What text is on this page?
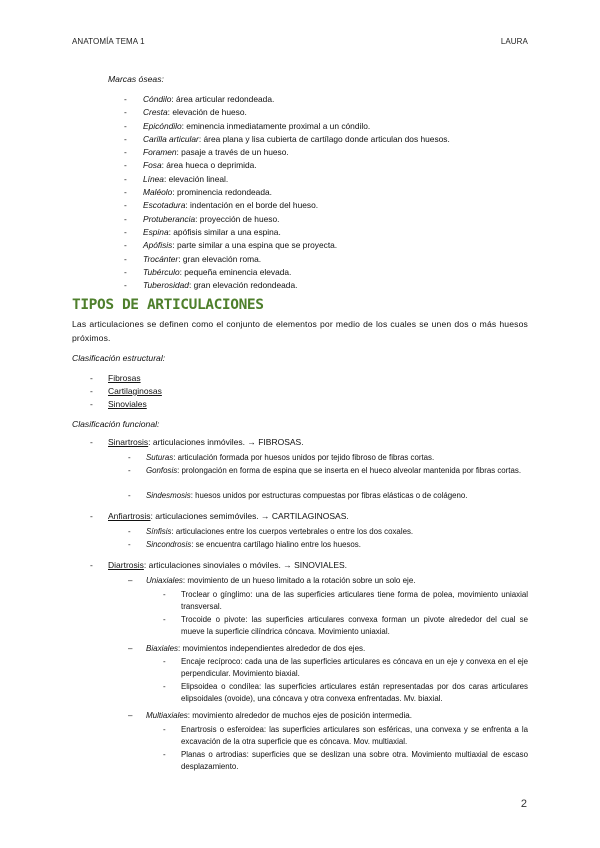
ANATOMÍA TEMA 1	LAURA
Marcas óseas:
- Cóndilo: área articular redondeada.
- Cresta: elevación de hueso.
- Epicóndilo: eminencia inmediatamente proximal a un cóndilo.
- Carilla articular: área plana y lisa cubierta de cartílago donde articulan dos huesos.
- Foramen: pasaje a través de un hueso.
- Fosa: área hueca o deprimida.
- Línea: elevación lineal.
- Maléolo: prominencia redondeada.
- Escotadura: indentación en el borde del hueso.
- Protuberancia: proyección de hueso.
- Espina: apófisis similar a una espina.
- Apófisis: parte similar a una espina que se proyecta.
- Trocánter: gran elevación roma.
- Tubérculo: pequeña eminencia elevada.
- Tuberosidad: gran elevación redondeada.
TIPOS DE ARTICULACIONES
Las articulaciones se definen como el conjunto de elementos por medio de los cuales se unen dos o más huesos próximos.
Clasificación estructural:
- Fibrosas
- Cartilaginosas
- Sinoviales
Clasificación funcional:
- Sinartrosis: articulaciones inmóviles. → FIBROSAS.
- Suturas: articulación formada por huesos unidos por tejido fibroso de fibras cortas.
- Gonfosis: prolongación en forma de espina que se inserta en el hueco alveolar mantenida por fibras cortas.
- Sindesmosis: huesos unidos por estructuras compuestas por fibras elásticas o de colágeno.
- Anfiartrosis: articulaciones semimóviles. → CARTILAGINOSAS.
- Sínfisis: articulaciones entre los cuerpos vertebrales o entre los dos coxales.
- Sincondrosis: se encuentra cartílago hialino entre los huesos.
- Diartrosis: articulaciones sinoviales o móviles. → SINOVIALES.
– Uniaxiales: movimiento de un hueso limitado a la rotación sobre un solo eje.
- Troclear o gínglimo: una de las superficies articulares tiene forma de polea, movimiento uniaxial transversal.
- Trocoide o pivote: las superficies articulares convexa forman un pivote alrededor del cual se mueve la superficie cilíndrica cóncava. Movimiento uniaxial.
– Biaxiales: movimientos independientes alrededor de dos ejes.
- Encaje recíproco: cada una de las superficies articulares es cóncava en un eje y convexa en el eje perpendicular. Movimiento biaxial.
- Elipsoidea o condílea: las superficies articulares están representadas por dos caras articulares elipsoidales (ovoide), una cóncava y otra convexa enfrentadas. Mv. biaxial.
– Multiaxiales: movimiento alrededor de muchos ejes de posición intermedia.
- Enartrosis o esferoidea: las superficies articulares son esféricas, una convexa y se enfrenta a la excavación de la otra superficie que es cóncava. Mov. multiaxial.
- Planas o artrodias: superficies que se deslizan una sobre otra. Movimiento multiaxial de escaso desplazamiento.
2
